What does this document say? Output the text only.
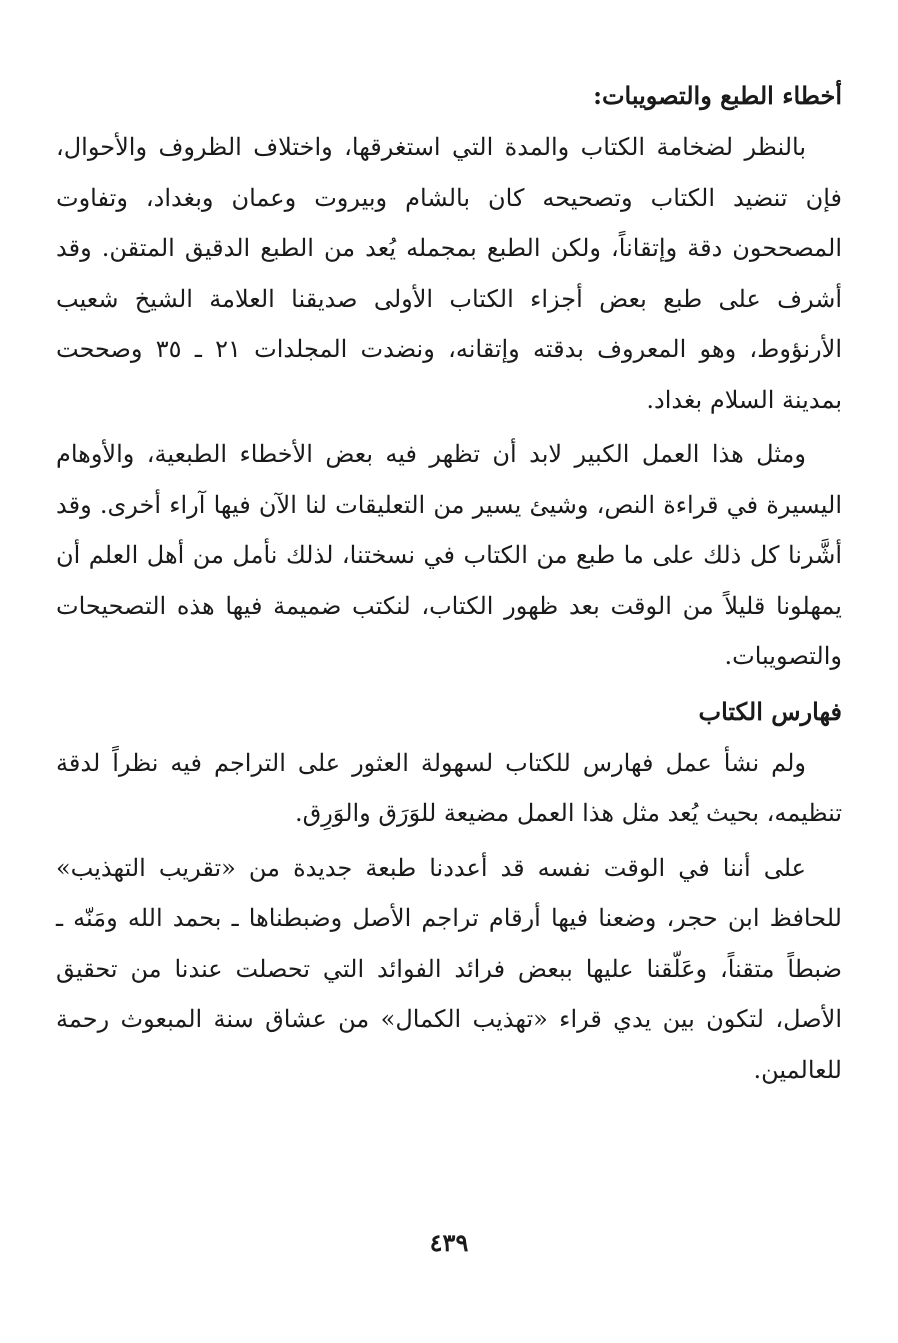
أخطاء الطبع والتصويبات:

بالنظر لضخامة الكتاب والمدة التي استغرقها، واختلاف الظروف والأحوال، فإن تنضيد الكتاب وتصحيحه كان بالشام وبيروت وعمان وبغداد، وتفاوت المصححون دقة وإتقاناً، ولكن الطبع بمجمله يُعد من الطبع الدقيق المتقن. وقد أشرف على طبع بعض أجزاء الكتاب الأولى صديقنا العلامة الشيخ شعيب الأرنؤوط، وهو المعروف بدقته وإتقانه، ونضدت المجلدات ٢١ ـ ٣٥ وصححت بمدينة السلام بغداد.

ومثل هذا العمل الكبير لابد أن تظهر فيه بعض الأخطاء الطبعية، والأوهام اليسيرة في قراءة النص، وشيئ يسير من التعليقات لنا الآن فيها آراء أخرى. وقد أشَّرنا كل ذلك على ما طبع من الكتاب في نسختنا، لذلك نأمل من أهل العلم أن يمهلونا قليلاً من الوقت بعد ظهور الكتاب، لنكتب ضميمة فيها هذه التصحيحات والتصويبات.

فهارس الكتاب

ولم نشأ عمل فهارس للكتاب لسهولة العثور على التراجم فيه نظراً لدقة تنظيمه، بحيث يُعد مثل هذا العمل مضيعة للوَرَق والوَرِق.

على أننا في الوقت نفسه قد أعددنا طبعة جديدة من «تقريب التهذيب» للحافظ ابن حجر، وضعنا فيها أرقام تراجم الأصل وضبطناها ـ بحمد الله ومَنّه ـ ضبطاً متقناً، وعَلّقنا عليها ببعض فرائد الفوائد التي تحصلت عندنا من تحقيق الأصل، لتكون بين يدي قراء «تهذيب الكمال» من عشاق سنة المبعوث رحمة للعالمين.

٤٣٩
